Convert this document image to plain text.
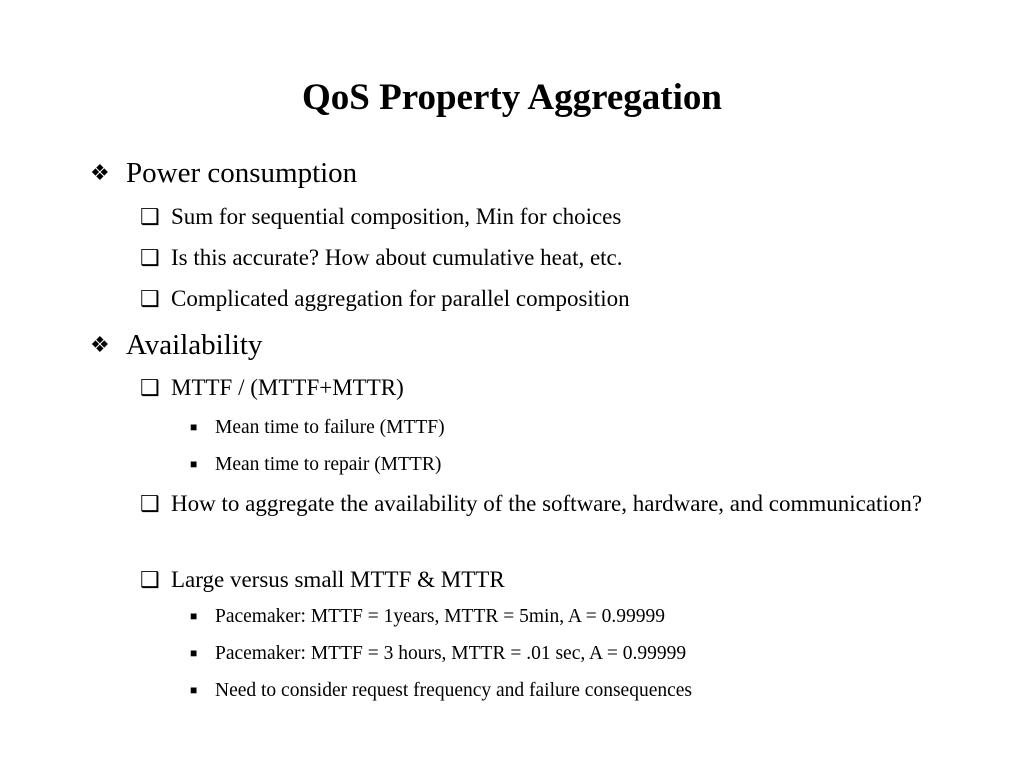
QoS Property Aggregation
❖ Power consumption
❑ Sum for sequential composition, Min for choices
❑ Is this accurate? How about cumulative heat, etc.
❑ Complicated aggregation for parallel composition
❖ Availability
❑ MTTF / (MTTF+MTTR)
■ Mean time to failure (MTTF)
■ Mean time to repair (MTTR)
❑ How to aggregate the availability of the software, hardware, and communication?
❑ Large versus small MTTF & MTTR
■ Pacemaker: MTTF = 1years, MTTR = 5min, A = 0.99999
■ Pacemaker: MTTF = 3 hours, MTTR = .01 sec, A = 0.99999
■ Need to consider request frequency and failure consequences
